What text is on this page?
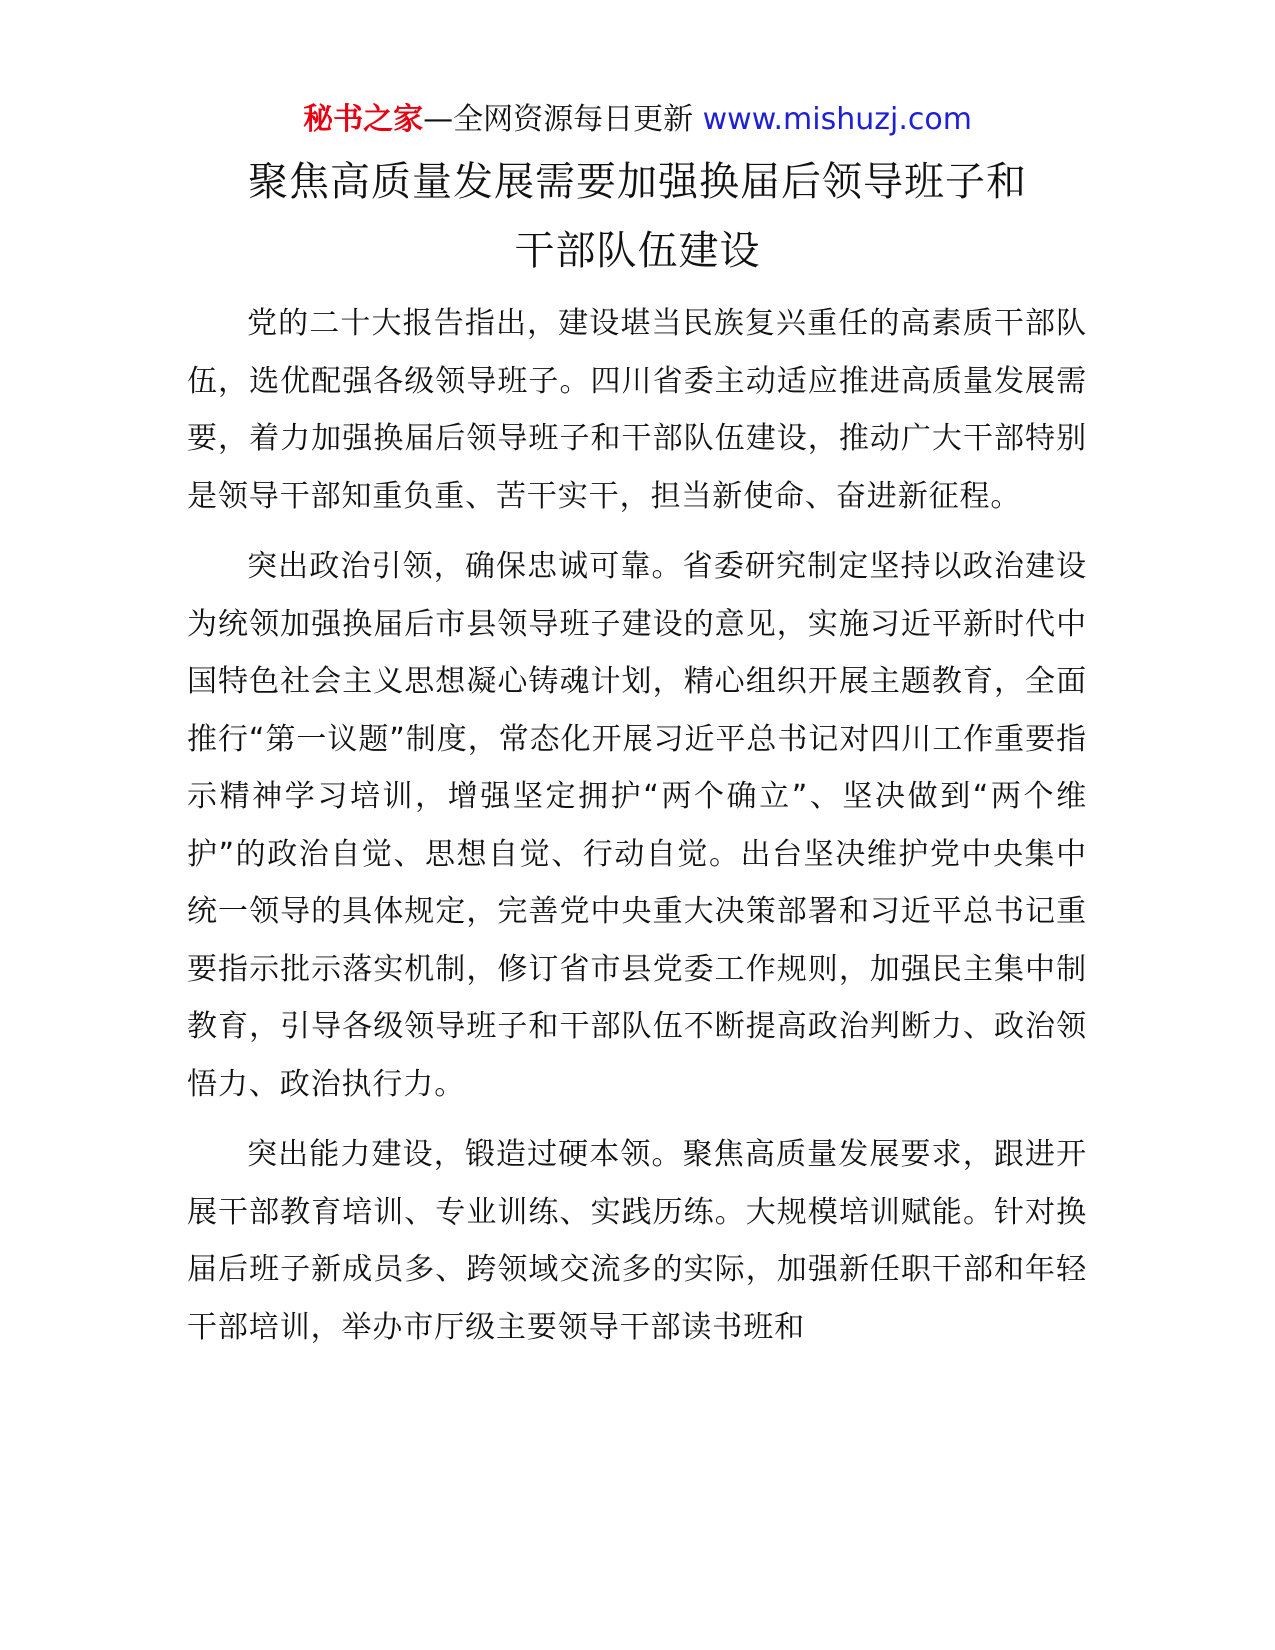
秘书之家—全网资源每日更新 www.mishuzj.com
聚焦高质量发展需要加强换届后领导班子和
干部队伍建设

党的二十大报告指出，建设堪当民族复兴重任的高素质干部队伍，选优配强各级领导班子。四川省委主动适应推进高质量发展需要，着力加强换届后领导班子和干部队伍建设，推动广大干部特别是领导干部知重负重、苦干实干，担当新使命、奋进新征程。

突出政治引领，确保忠诚可靠。省委研究制定坚持以政治建设为统领加强换届后市县领导班子建设的意见，实施习近平新时代中国特色社会主义思想凝心铸魂计划，精心组织开展主题教育，全面推行“第一议题”制度，常态化开展习近平总书记对四川工作重要指示精神学习培训，增强坚定拥护“两个确立”、坚决做到“两个维护”的政治自觉、思想自觉、行动自觉。出台坚决维护党中央集中统一领导的具体规定，完善党中央重大决策部署和习近平总书记重要指示批示落实机制，修订省市县党委工作规则，加强民主集中制教育，引导各级领导班子和干部队伍不断提高政治判断力、政治领悟力、政治执行力。

突出能力建设，锻造过硬本领。聚焦高质量发展要求，跟进开展干部教育培训、专业训练、实践历练。大规模培训赋能。针对换届后班子新成员多、跨领域交流多的实际，加强新任职干部和年轻干部培训，举办市厅级主要领导干部读书班和
